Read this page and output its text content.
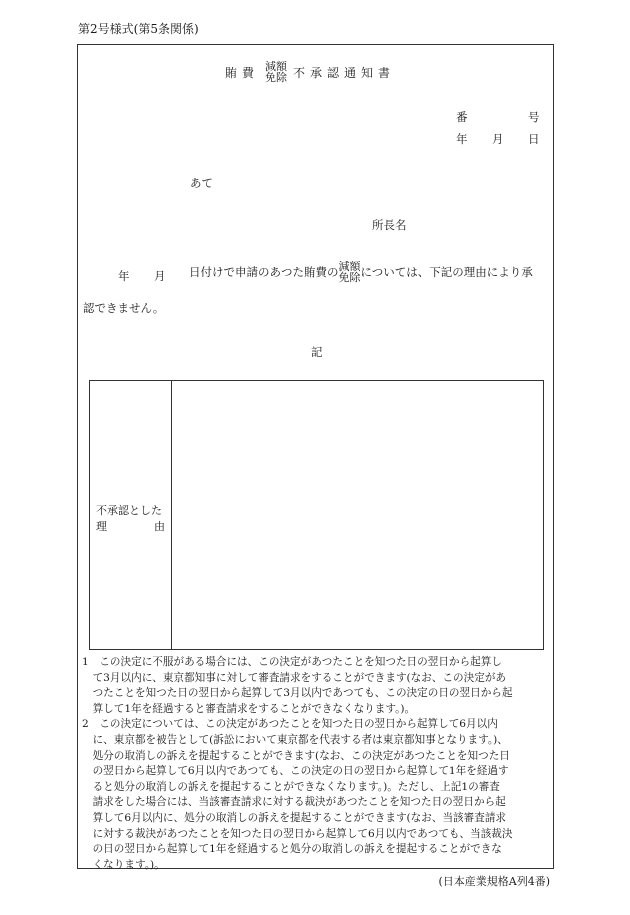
第2号様式(第5条関係)
賄費 減額
免除 不承認通知書
番	号
年 月 日
あて
所長名
年 月 日付けで申請のあつた賄費の 減額
免除 については、下記の理由により承
認できません。
記
不承認とした
理	由
1　この決定に不服がある場合には、この決定があつたことを知つた日の翌日から起算し
　て3月以内に、東京都知事に対して審査請求をすることができます(なお、この決定があ
　つたことを知つた日の翌日から起算して3月以内であつても、この決定の日の翌日から起
　算して1年を経過すると審査請求をすることができなくなります。)。
2　この決定については、この決定があつたことを知つた日の翌日から起算して6月以内
　に、東京都を被告として(訴訟において東京都を代表する者は東京都知事となります。)、
　処分の取消しの訴えを提起することができます(なお、この決定があつたことを知つた日
　の翌日から起算して6月以内であつても、この決定の日の翌日から起算して1年を経過す
　ると処分の取消しの訴えを提起することができなくなります。)。ただし、上記1の審査
　請求をした場合には、当該審査請求に対する裁決があつたことを知つた日の翌日から起
　算して6月以内に、処分の取消しの訴えを提起することができます(なお、当該審査請求
　に対する裁決があつたことを知つた日の翌日から起算して6月以内であつても、当該裁決
　の日の翌日から起算して1年を経過すると処分の取消しの訴えを提起することができな
　くなります。)。
(日本産業規格A列4番)
